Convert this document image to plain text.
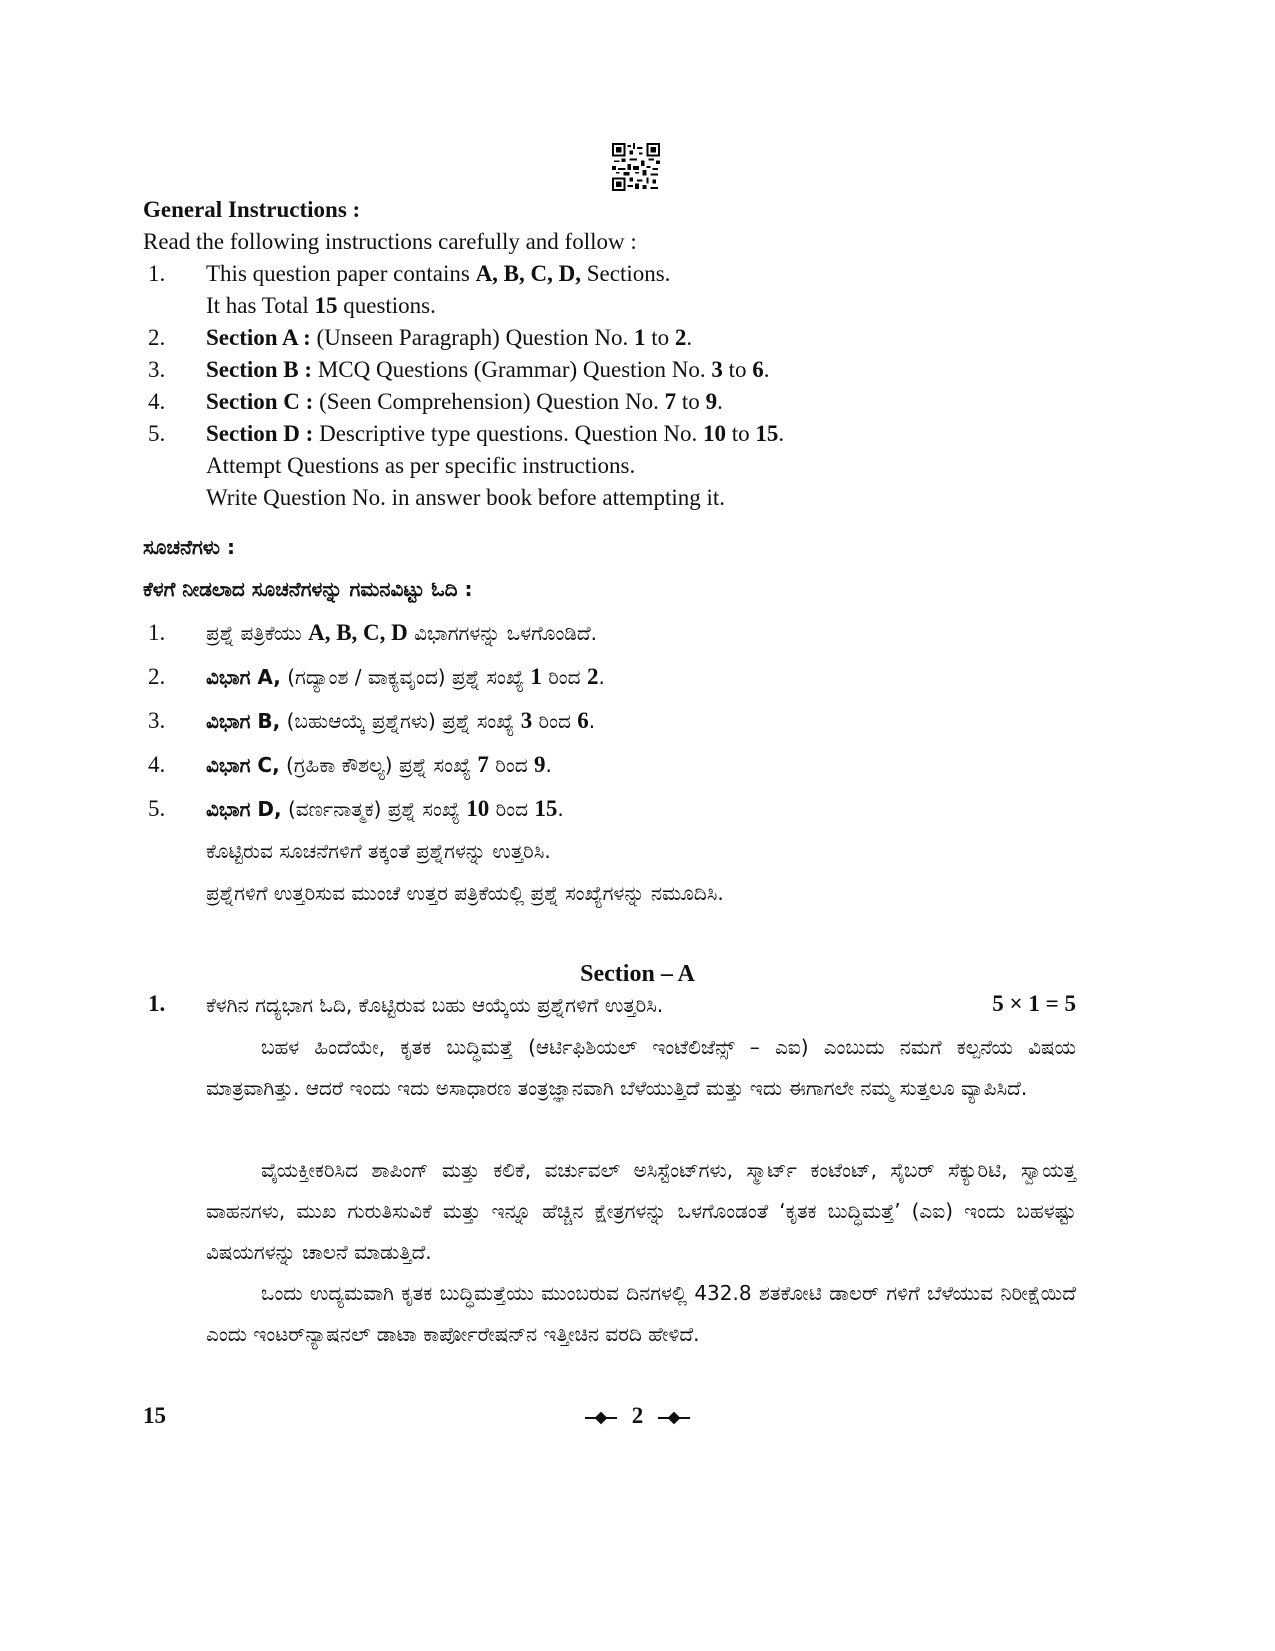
General Instructions :
Read the following instructions carefully and follow :
1. This question paper contains A, B, C, D, Sections.
It has Total 15 questions.
2. Section A : (Unseen Paragraph) Question No. 1 to 2.
3. Section B : MCQ Questions (Grammar) Question No. 3 to 6.
4. Section C : (Seen Comprehension) Question No. 7 to 9.
5. Section D : Descriptive type questions. Question No. 10 to 15.
Attempt Questions as per specific instructions.
Write Question No. in answer book before attempting it.
ಸೂಚನೆಗಳು :
ಕೆಳಗೆ ನೀಡಲಾದ ಸೂಚನೆಗಳನ್ನು ಗಮನವಿಟ್ಟು ಓದಿ :
1. ಪ್ರಶ್ನೆ ಪತ್ರಿಕೆಯು A, B, C, D ವಿಭಾಗಗಳನ್ನು ಒಳಗೊಂಡಿದೆ.
2. ವಿಭಾಗ A, (ಗದ್ಯಾಂಶ / ವಾಕ್ಯವೃಂದ) ಪ್ರಶ್ನೆ ಸಂಖ್ಯೆ 1 ರಿಂದ 2.
3. ವಿಭಾಗ B, (ಬಹುಆಯ್ಕೆ ಪ್ರಶ್ನೆಗಳು) ಪ್ರಶ್ನೆ ಸಂಖ್ಯೆ 3 ರಿಂದ 6.
4. ವಿಭಾಗ C, (ಗ್ರಹಿಕಾ ಕೌಶಲ್ಯ) ಪ್ರಶ್ನೆ ಸಂಖ್ಯೆ 7 ರಿಂದ 9.
5. ವಿಭಾಗ D, (ವರ್ಣನಾತ್ಮಕ) ಪ್ರಶ್ನೆ ಸಂಖ್ಯೆ 10 ರಿಂದ 15.
ಕೊಟ್ಟಿರುವ ಸೂಚನೆಗಳಿಗೆ ತಕ್ಕಂತೆ ಪ್ರಶ್ನೆಗಳನ್ನು ಉತ್ತರಿಸಿ.
ಪ್ರಶ್ನೆಗಳಿಗೆ ಉತ್ತರಿಸುವ ಮುಂಚೆ ಉತ್ತರ ಪತ್ರಿಕೆಯಲ್ಲಿ ಪ್ರಶ್ನೆ ಸಂಖ್ಯೆಗಳನ್ನು ನಮೂದಿಸಿ.
Section – A
1. ಕೆಳಗಿನ ಗದ್ಯಭಾಗ ಓದಿ, ಕೊಟ್ಟಿರುವ ಬಹು ಆಯ್ಕೆಯ ಪ್ರಶ್ನೆಗಳಿಗೆ ಉತ್ತರಿಸಿ.	5 × 1 = 5
ಬಹಳ ಹಿಂದೆಯೇ, ಕೃತಕ ಬುದ್ಧಿಮತ್ತೆ (ಆರ್ಟಿಫಿಶಿಯಲ್ ಇಂಟೆಲಿಜೆನ್ಸ್ – ಎಐ) ಎಂಬುದು ನಮಗೆ ಕಲ್ಪನೆಯ ವಿಷಯ ಮಾತ್ರವಾಗಿತ್ತು. ಆದರೆ ಇಂದು ಇದು ಅಸಾಧಾರಣ ತಂತ್ರಜ್ಞಾನವಾಗಿ ಬೆಳೆಯುತ್ತಿದೆ ಮತ್ತು ಇದು ಈಗಾಗಲೇ ನಮ್ಮ ಸುತ್ತಲೂ ವ್ಯಾಪಿಸಿದೆ.
ವೈಯಕ್ತೀಕರಿಸಿದ ಶಾಪಿಂಗ್ ಮತ್ತು ಕಲಿಕೆ, ವರ್ಚುವಲ್ ಅಸಿಸ್ಟೆಂಟ್‌ಗಳು, ಸ್ಮಾರ್ಟ್ ಕಂಟೆಂಟ್, ಸೈಬರ್ ಸೆಕ್ಯುರಿಟಿ, ಸ್ವಾಯತ್ತ ವಾಹನಗಳು, ಮುಖ ಗುರುತಿಸುವಿಕೆ ಮತ್ತು ಇನ್ನೂ ಹೆಚ್ಚಿನ ಕ್ಷೇತ್ರಗಳನ್ನು ಒಳಗೊಂಡಂತೆ ‘ಕೃತಕ ಬುದ್ಧಿಮತ್ತೆ’ (ಎಐ) ಇಂದು ಬಹಳಷ್ಟು ವಿಷಯಗಳನ್ನು ಚಾಲನೆ ಮಾಡುತ್ತಿದೆ.
ಒಂದು ಉದ್ಯಮವಾಗಿ ಕೃತಕ ಬುದ್ಧಿಮತ್ತೆಯು ಮುಂಬರುವ ದಿನಗಳಲ್ಲಿ 432.8 ಶತಕೋಟಿ ಡಾಲರ್ ಗಳಿಗೆ ಬೆಳೆಯುವ ನಿರೀಕ್ಷೆಯಿದೆ ಎಂದು ಇಂಟರ್‌ನ್ಯಾಷನಲ್ ಡಾಟಾ ಕಾರ್ಪೋರೇಷನ್‌ನ ಇತ್ತೀಚಿನ ವರದಿ ಹೇಳಿದೆ.
15	2
